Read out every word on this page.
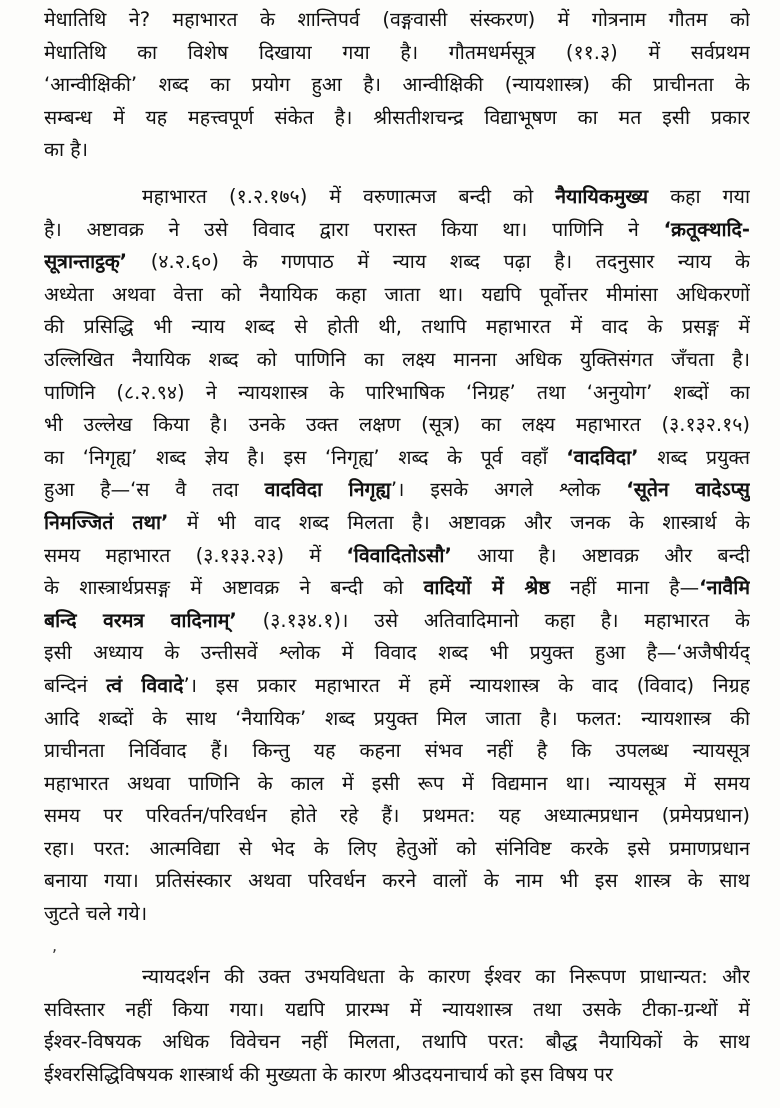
मेधातिथि ने? महाभारत के शान्तिपर्व (वङ्गवासी संस्करण) में गोत्रनाम गौतम को
मेधातिथि का विशेष दिखाया गया है। गौतमधर्मसूत्र (११.३) में सर्वप्रथम
‘आन्वीक्षिकी’ शब्द का प्रयोग हुआ है। आन्वीक्षिकी (न्यायशास्त्र) की प्राचीनता के
सम्बन्ध में यह महत्त्वपूर्ण संकेत है। श्रीसतीशचन्द्र विद्याभूषण का मत इसी प्रकार
का है।
महाभारत (१.२.१७५) में वरुणात्मज बन्दी को नैयायिकमुख्य कहा गया
है। अष्टावक्र ने उसे विवाद द्वारा परास्त किया था। पाणिनि ने ‘क्रतूक्थादि-
सूत्रान्ताट्ठक्’ (४.२.६०) के गणपाठ में न्याय शब्द पढ़ा है। तदनुसार न्याय के
अध्येता अथवा वेत्ता को नैयायिक कहा जाता था। यद्यपि पूर्वोत्तर मीमांसा अधिकरणों
की प्रसिद्धि भी न्याय शब्द से होती थी, तथापि महाभारत में वाद के प्रसङ्ग में
उल्लिखित नैयायिक शब्द को पाणिनि का लक्ष्य मानना अधिक युक्तिसंगत जँचता है।
पाणिनि (८.२.९४) ने न्यायशास्त्र के पारिभाषिक ‘निग्रह’ तथा ‘अनुयोग’ शब्दों का
भी उल्लेख किया है। उनके उक्त लक्षण (सूत्र) का लक्ष्य महाभारत (३.१३२.१५)
का ‘निगृह्य’ शब्द ज्ञेय है। इस ‘निगृह्य’ शब्द के पूर्व वहाँ ‘वादविदा’ शब्द प्रयुक्त
हुआ है—‘स वै तदा वादविदा निगृह्य’। इसके अगले श्लोक ‘सूतेन वादेऽप्सु
निमज्जितं तथा’ में भी वाद शब्द मिलता है। अष्टावक्र और जनक के शास्त्रार्थ के
समय महाभारत (३.१३३.२३) में ‘विवादितोऽसौ’ आया है। अष्टावक्र और बन्दी
के शास्त्रार्थप्रसङ्ग में अष्टावक्र ने बन्दी को वादियों में श्रेष्ठ नहीं माना है—‘नावैमि
बन्दि वरमत्र वादिनाम्’ (३.१३४.१)। उसे अतिवादिमानो कहा है। महाभारत के
इसी अध्याय के उन्तीसवें श्लोक में विवाद शब्द भी प्रयुक्त हुआ है—‘अजैषीर्यद्
बन्दिनं त्वं विवादे’। इस प्रकार महाभारत में हमें न्यायशास्त्र के वाद (विवाद) निग्रह
आदि शब्दों के साथ ‘नैयायिक’ शब्द प्रयुक्त मिल जाता है। फलत: न्यायशास्त्र की
प्राचीनता निर्विवाद हैं। किन्तु यह कहना संभव नहीं है कि उपलब्ध न्यायसूत्र
महाभारत अथवा पाणिनि के काल में इसी रूप में विद्यमान था। न्यायसूत्र में समय
समय पर परिवर्तन/परिवर्धन होते रहे हैं। प्रथमत: यह अध्यात्मप्रधान (प्रमेयप्रधान)
रहा। परत: आत्मविद्या से भेद के लिए हेतुओं को संनिविष्ट करके इसे प्रमाणप्रधान
बनाया गया। प्रतिसंस्कार अथवा परिवर्धन करने वालों के नाम भी इस शास्त्र के साथ
जुटते चले गये।
न्यायदर्शन की उक्त उभयविधता के कारण ईश्वर का निरूपण प्राधान्यत: और
सविस्तार नहीं किया गया। यद्यपि प्रारम्भ में न्यायशास्त्र तथा उसके टीका-ग्रन्थों में
ईश्वर-विषयक अधिक विवेचन नहीं मिलता, तथापि परत: बौद्ध नैयायिकों के साथ
ईश्वरसिद्धिविषयक शास्त्रार्थ की मुख्यता के कारण श्रीउदयनाचार्य को इस विषय पर
,
